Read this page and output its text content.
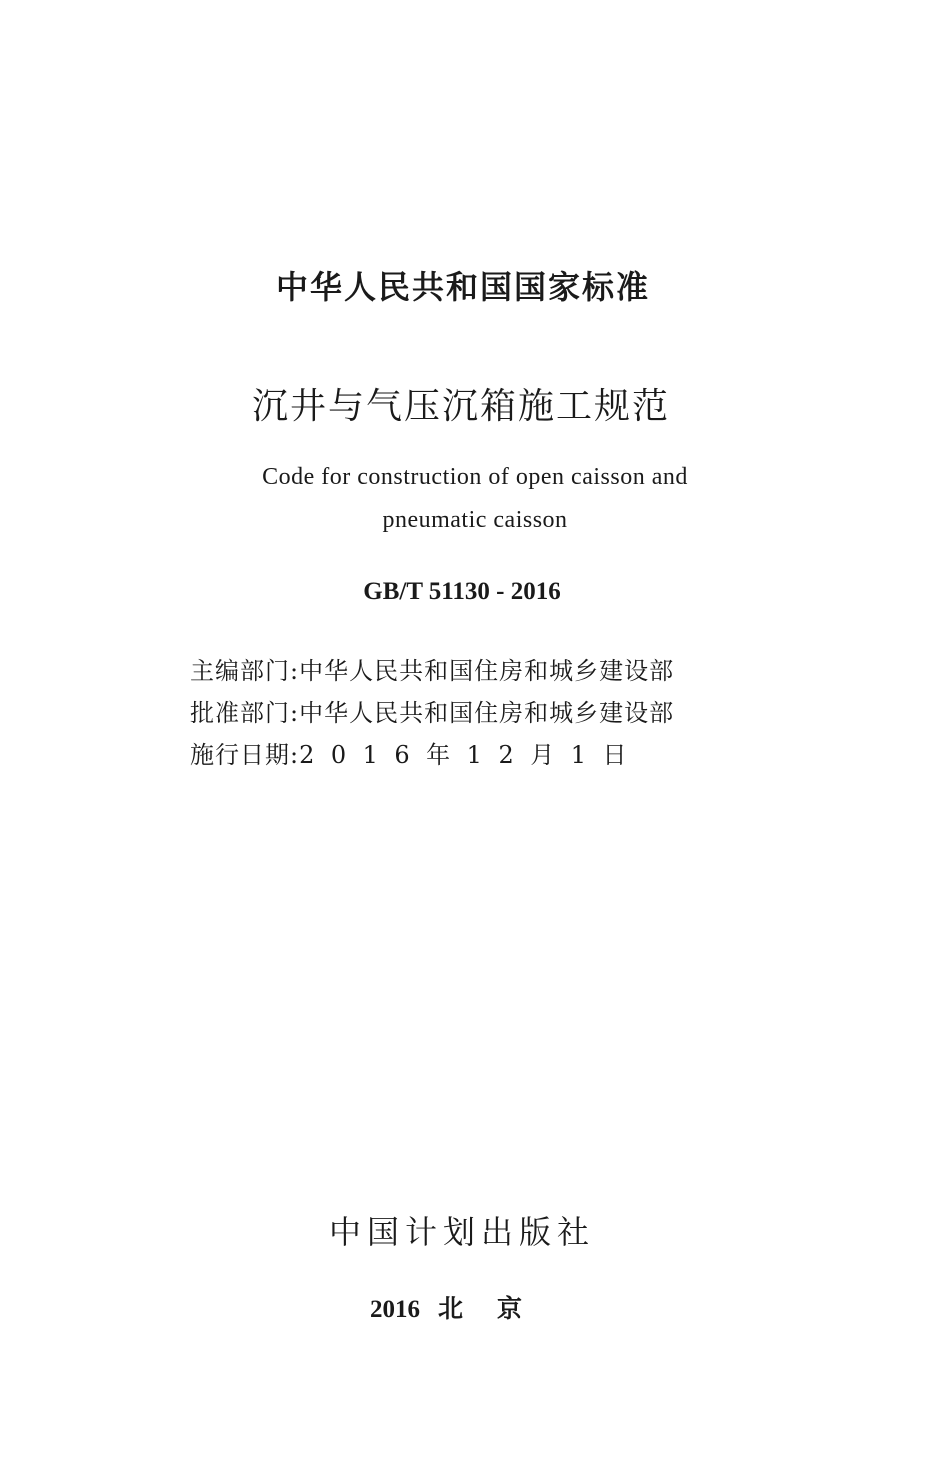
中华人民共和国国家标准
沉井与气压沉箱施工规范
Code for construction of open caisson and
pneumatic caisson
GB/T 51130 - 2016
主编部门:中华人民共和国住房和城乡建设部
批准部门:中华人民共和国住房和城乡建设部
施行日期:2016年12月1日
中国计划出版社
2016 北京
